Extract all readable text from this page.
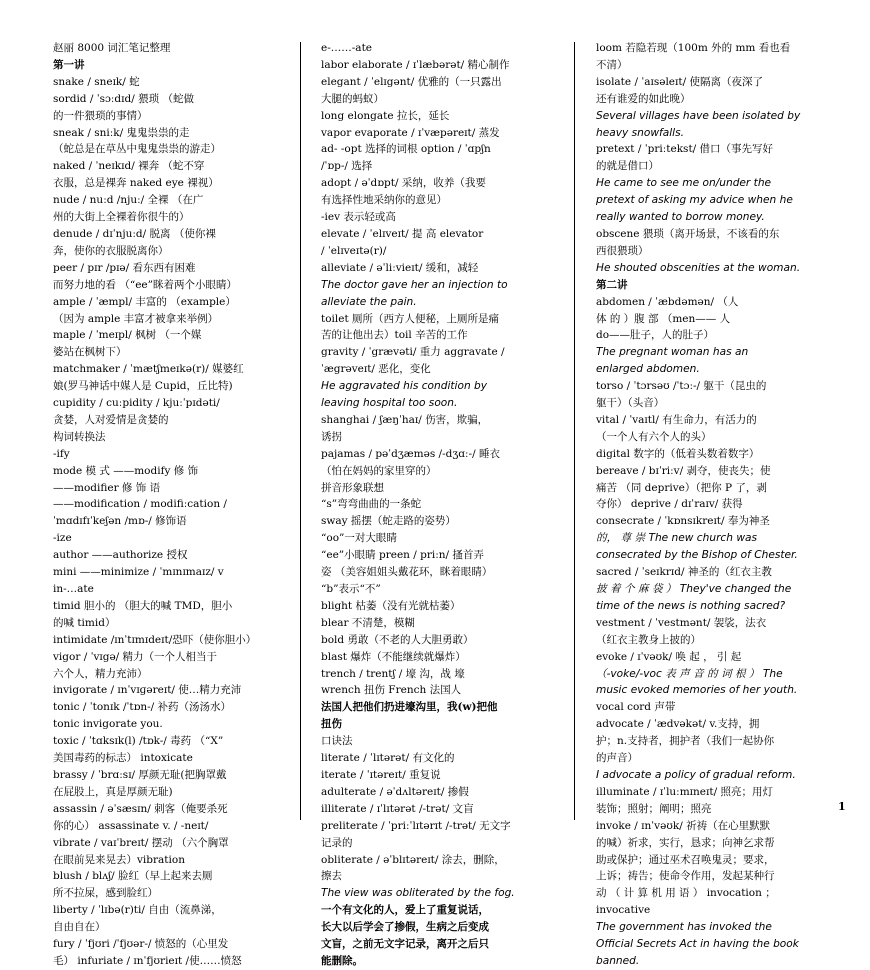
赵丽 8000 词汇笔记整理
第一讲
snake / sneɪk/ 蛇
sordid / ˈsɔːdɪd/ 猥琐 （蛇做
的一件猥琐的事情）
sneak / sniːk/ 鬼鬼祟祟的走
（蛇总是在草丛中鬼鬼祟祟的游走）
naked / ˈneɪkɪd/ 裸奔 （蛇不穿
衣服，总是裸奔 naked eye 裸视）
nude / nuːd /njuː/ 全裸 （在广
州的大街上全裸着你很牛的）
denude / dɪˈnjuːd/ 脱离 （使你裸
奔，使你的衣服脱离你）
peer / pɪr /pɪə/ 看东西有困难
而努力地的看 （“ee”眯着两个小眼睛）
ample / ˈæmpl/ 丰富的 （example）
（因为 ample 丰富才被拿来举例）
maple / ˈmeɪpl/ 枫树 （一个媒
婆站在枫树下）
matchmaker / ˈmætʃmeɪkə(r)/ 媒婆红
娘(罗马神话中媒人是 Cupid，丘比特)
cupidity / cuːpidity / kjuːˈpɪdəti/
贪婪，人对爱情是贪婪的
构词转换法
-ify
mode 模 式 ——modify 修 饰
——modifier 修 饰 语
——modification / modifiːcation /
ˈmɑdɪfɪˈkeʃən /mɒ-/ 修饰语
-ize
author ——authorize 授权
mini ——minimize / ˈmɪnɪmaɪz/ v
in-…ate
timid 胆小的 （胆大的喊 TMD，胆小
的喊 timid）
intimidate /ɪnˈtɪmɪdeɪt/恐吓（使你胆小）
vigor / ˈvɪgə/ 精力（一个人相当于
六个人，精力充沛）
invigorate / ɪnˈvɪɡəreɪt/ 使…精力充沛
tonic / ˈtonɪk /ˈtɒn-/ 补药（汤汤水）
tonic invigorate you.
toxic / ˈtɑksɪk(l) /tɒk-/ 毒药 （“X”
美国毒药的标志） intoxicate
brassy / ˈbrɑːsɪ/ 厚颜无耻(把胸罩戴
在屁股上，真是厚颜无耻)
assassin / əˈsæsɪn/ 刺客（俺要杀死
你的心） assassinate v. / -neɪt/
vibrate / vaɪˈbreɪt/ 摆动 （六个胸罩
在眼前晃来晃去）vibration
blush / blʌʃ/ 脸红（早上起来去厕
所不拉屎，感到脸红）
liberty / ˈlɪbə(r)ti/ 自由（流鼻涕，
自由自在）
fury / ˈfjʊri /ˈfjʊər-/ 愤怒的（心里发
毛） infuriate / ɪnˈfjʊrieɪt /使……愤怒
e-……-ate
labor elaborate / ɪˈlæbərət/ 精心制作
elegant / ˈelɪgənt/ 优雅的（一只露出
大腿的蚂蚁）
long elongate 拉长，延长
vapor evaporate / ɪˈvæpəreɪt/ 蒸发
ad- -opt 选择的词根 option / ˈɑpʃn
/ˈɒp-/ 选择
adopt / əˈdɒpt/ 采纳，收养（我要
有选择性地采纳你的意见）
-iev 表示轻或高
elevate / ˈelɪveɪt/ 提 高 elevator
/ ˈelɪveɪtə(r)/
alleviate / əˈliːvieɪt/ 缓和，减轻
The doctor gave her an injection to
alleviate the pain.
toilet 厕所（西方人便秘，上厕所是痛
苦的让他出去）toil 辛苦的工作
gravity / ˈgrævəti/ 重力 aggravate /
ˈægrəveɪt/ 恶化，变化
He aggravated his condition by
leaving hospital too soon.
shanghai / ʃæŋˈhaɪ/ 伤害，欺骗，
诱拐
pajamas / pəˈdʒæməs /-dʒɑː-/ 睡衣
（怕在妈妈的家里穿的）
拼音形象联想
“s”弯弯曲曲的一条蛇
sway 摇摆（蛇走路的姿势）
“oo”一对大眼睛
“ee”小眼睛 preen / priːn/ 搔首弄
姿 （美容姐姐头戴花环，眯着眼睛）
“b”表示“不”
blight 枯萎（没有光就枯萎）
blear 不清楚，模糊
bold 勇敢（不老的人大胆勇敢）
blast 爆炸（不能继续就爆炸）
trench / trentʃ / 壕 沟，战 壕
wrench 扭伤 French 法国人
法国人把他们扔进壕沟里，我(w)把他
扭伤
口诀法
literate / ˈlɪtərət/ 有文化的
iterate / ˈɪtəreɪt/ 重复说
adulterate / əˈdʌltəreɪt/ 掺假
illiterate / ɪˈlɪtərət /-trət/ 文盲
preliterate / ˈpriːˈlɪtərɪt /-trət/ 无文字
记录的
obliterate / əˈblɪtəreɪt/ 涂去，删除，
擦去
The view was obliterated by the fog.
一个有文化的人，爱上了重复说话，
长大以后学会了掺假，生病之后变成
文盲，之前无文字记录，离开之后只
能删除。
loom 若隐若现（100m 外的 mm 看也看
不清）
isolate / ˈaɪsəleɪt/ 使隔离（夜深了
还有谁爱的如此晚）
Several villages have been isolated by
heavy snowfalls.
pretext / ˈpriːtekst/ 借口（事先写好
的就是借口）
He came to see me on/under the
pretext of asking my advice when he
really wanted to borrow money.
obscene 猥琐（离开场景，不该看的东
西很猥琐）
He shouted obscenities at the woman.
第二讲
abdomen / ˈæbdəmən/ （人
体 的 ）腹 部 （men—— 人
do——肚子，人的肚子）
The pregnant woman has an
enlarged abdomen.
torso / ˈtɔrsəʊ /ˈtɔː-/ 躯干（昆虫的
躯干）（头音）
vital / ˈvaɪtl/ 有生命力，有活力的
（一个人有六个人的头）
digital 数字的（低着头数着数字）
bereave / bɪˈriːv/ 剥夺，使丧失；使
痛苦 （同 deprive）（把你 P 了，剥
夺你） deprive / dɪˈraɪv/ 获得
consecrate / ˈkɒnsɪkreɪt/ 奉为神圣
的， 尊 崇 The new church was
consecrated by the Bishop of Chester.
sacred / ˈseɪkrɪd/ 神圣的（红衣主教
披 着 个 麻 袋 ） They've changed the
time of the news is nothing sacred?
vestment / ˈvestmənt/ 袈裟，法衣
（红衣主教身上披的）
evoke / ɪˈvəʊk/ 唤 起 ， 引 起
（-voke/-voc 表 声 音 的 词 根 ） The
music evoked memories of her youth.
vocal cord 声带
advocate / ˈædvəkət/ v.支持，拥
护；n.支持者，拥护者（我们一起协你
的声音）
I advocate a policy of gradual reform.
illuminate / ɪˈluːmɪneɪt/ 照亮；用灯
装饰；照射；阐明；照亮
invoke / ɪnˈvəʊk/ 祈祷（在心里默默
的喊）祈求，实行，恳求；向神乞求帮
助或保护；通过巫术召唤鬼灵；要求，
上诉；祷告；使命令作用，发起某种行
动 （ 计 算 机 用 语 ） invocation ；
invocative
The government has invoked the
Official Secrets Act in having the book
banned.
1
